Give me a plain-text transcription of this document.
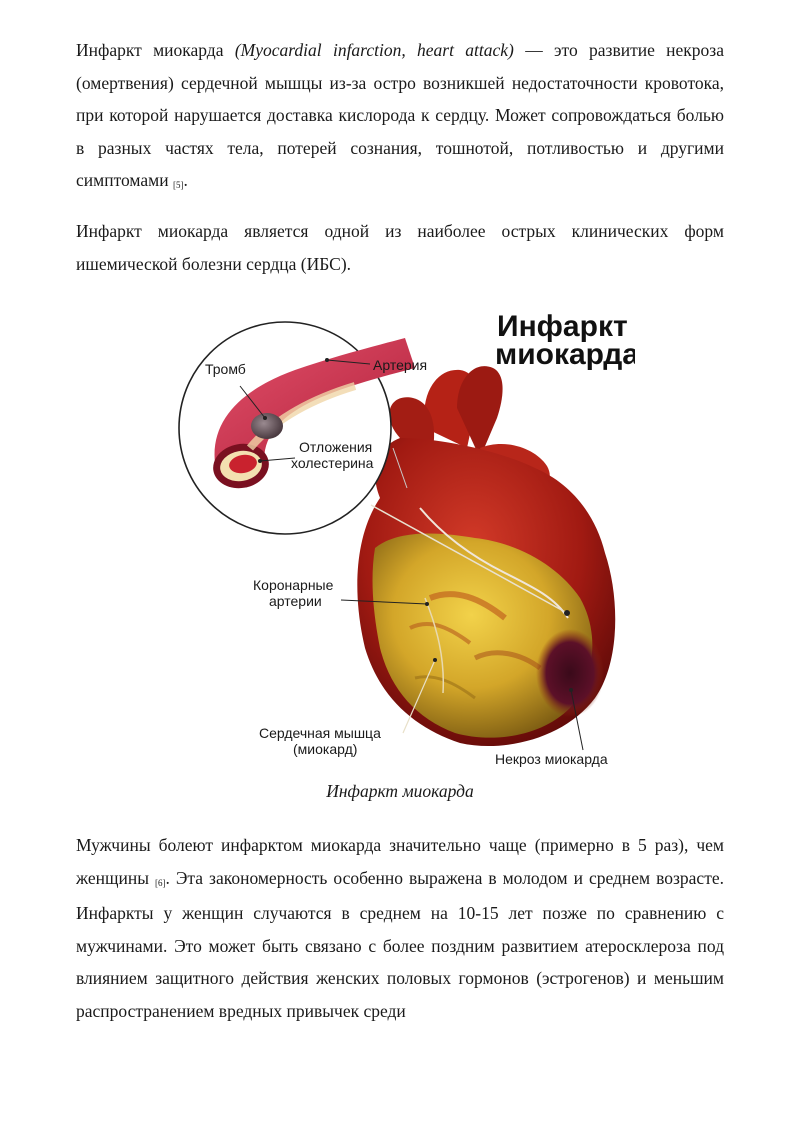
Инфаркт миокарда (Myocardial infarction, heart attack) — это развитие некроза (омертвения) сердечной мышцы из-за остро возникшей недостаточности кровотока, при которой нарушается доставка кислорода к сердцу. Может сопровождаться болью в разных частях тела, потерей сознания, тошнотой, потливостью и другими симптомами [5].

Инфаркт миокарда является одной из наиболее острых клинических форм ишемической болезни сердца (ИБС).

Инфаркт
миокарда
Тромб	Артерия
Отложения
холестерина
Коронарные
артерии
Сердечная мышца
(миокард)
Некроз миокарда
Инфаркт миокарда

Мужчины болеют инфарктом миокарда значительно чаще (примерно в 5 раз), чем женщины [6]. Эта закономерность особенно выражена в молодом и среднем возрасте. Инфаркты у женщин случаются в среднем на 10-15 лет позже по сравнению с мужчинами. Это может быть связано с более поздним развитием атеросклероза под влиянием защитного действия женских половых гормонов (эстрогенов) и меньшим распространением вредных привычек среди
